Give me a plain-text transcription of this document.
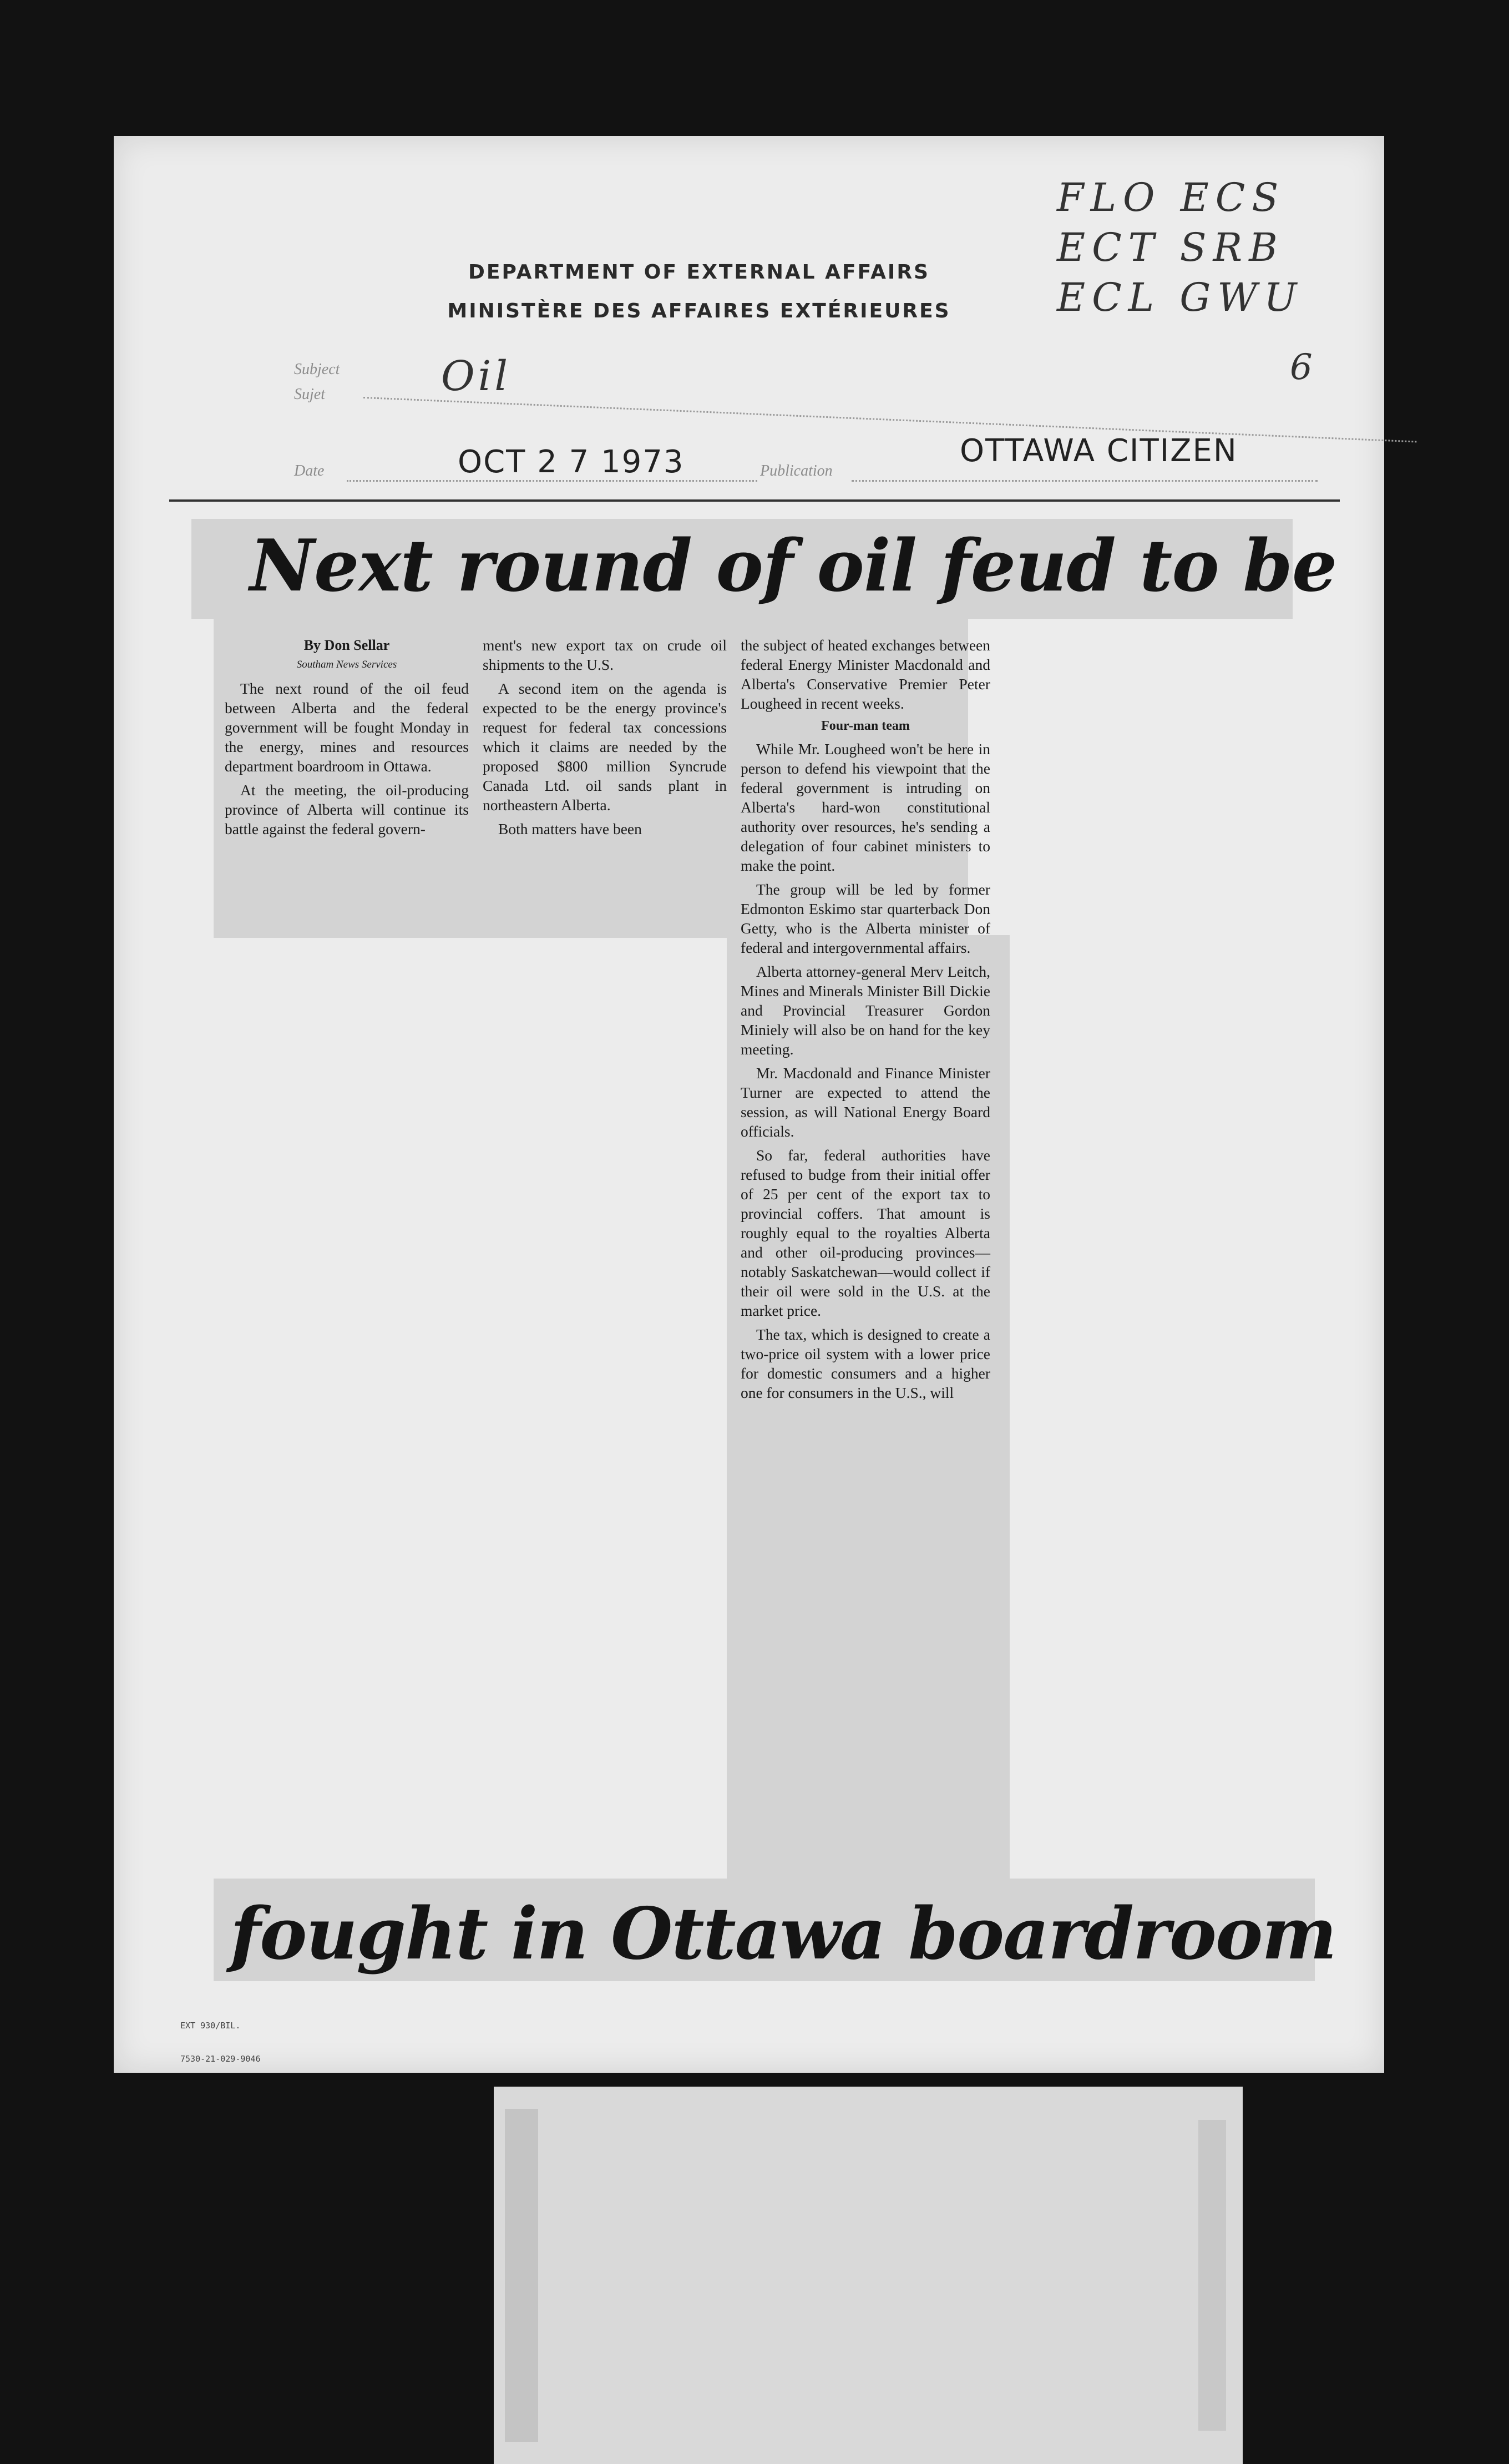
FLO ECS
ECT SRB
ECL GWU
6
DEPARTMENT OF EXTERNAL AFFAIRS
MINISTÈRE DES AFFAIRES EXTÉRIEURES
Subject
Sujet	Oil
Date	OCT 2 7 1973	Publication
OTTAWA CITIZEN
Next round of oil feud to be
fought in Ottawa boardroom
By Don Sellar
Southam News Services

The next round of the oil feud between Alberta and the federal government will be fought Monday in the energy, mines and resources department boardroom in Ottawa.

At the meeting, the oil-producing province of Alberta will continue its battle against the federal govern-

ment's new export tax on crude oil shipments to the U.S.

A second item on the agenda is expected to be the energy province's request for federal tax concessions which it claims are needed by the proposed $800 million Syncrude Canada Ltd. oil sands plant in northeastern Alberta.

Both matters have been

the subject of heated exchanges between federal Energy Minister Macdonald and Alberta's Conservative Premier Peter Lougheed in recent weeks.

Four-man team

While Mr. Lougheed won't be here in person to defend his viewpoint that the federal government is intruding on Alberta's hard-won constitutional authority over resources, he's sending a delegation of four cabinet ministers to make the point.

The group will be led by former Edmonton Eskimo star quarterback Don Getty, who is the Alberta minister of federal and intergovernmental affairs.

Alberta attorney-general Merv Leitch, Mines and Minerals Minister Bill Dickie and Provincial Treasurer Gordon Miniely will also be on hand for the key meeting.

Mr. Macdonald and Finance Minister Turner are expected to attend the session, as will National Energy Board officials.

So far, federal authorities have refused to budge from their initial offer of 25 per cent of the export tax to provincial coffers. That amount is roughly equal to the royalties Alberta and other oil-producing provinces—notably Saskatchewan—would collect if their oil were sold in the U.S. at the market price.

The tax, which is designed to create a two-price oil system with a lower price for domestic consumers and a higher one for consumers in the U.S., will

EXT 930/BIL.

7530-21-029-9046
